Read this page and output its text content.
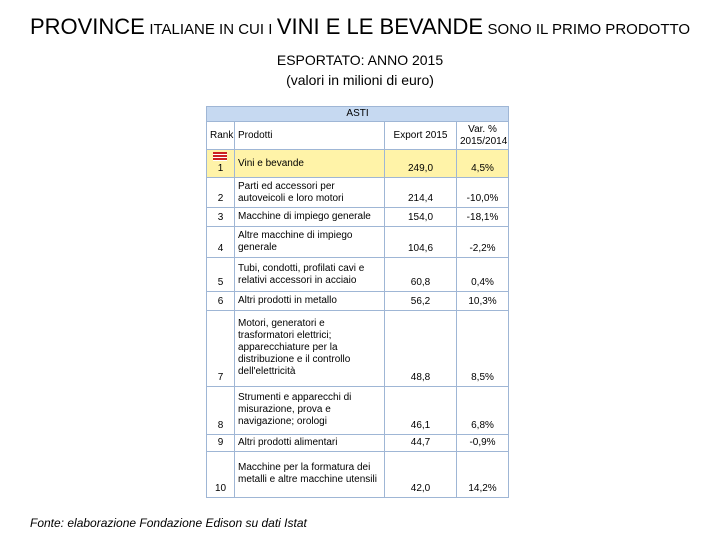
PROVINCE ITALIANE IN CUI I VINI E LE BEVANDE SONO IL PRIMO PRODOTTO
ESPORTATO: ANNO 2015
(valori in milioni di euro)
ASTI			
Rank	Prodotti	Export 2015	Var. %
2015/2014
1	Vini e bevande	249,0	4,5%
2	Parti ed accessori per autoveicoli e loro motori	214,4	-10,0%
3	Macchine di impiego generale	154,0	-18,1%
4	Altre macchine di impiego generale	104,6	-2,2%
5	Tubi, condotti, profilati cavi e relativi accessori in acciaio	60,8	0,4%
6	Altri prodotti in metallo	56,2	10,3%
7	Motori, generatori e trasformatori elettrici; apparecchiature per la distribuzione e il controllo dell'elettricità	48,8	8,5%
8	Strumenti e apparecchi di misurazione, prova e navigazione; orologi	46,1	6,8%
9	Altri prodotti alimentari	44,7	-0,9%
10	Macchine per la formatura dei metalli e altre macchine utensili	42,0	14,2%
Fonte: elaborazione Fondazione Edison su dati Istat
